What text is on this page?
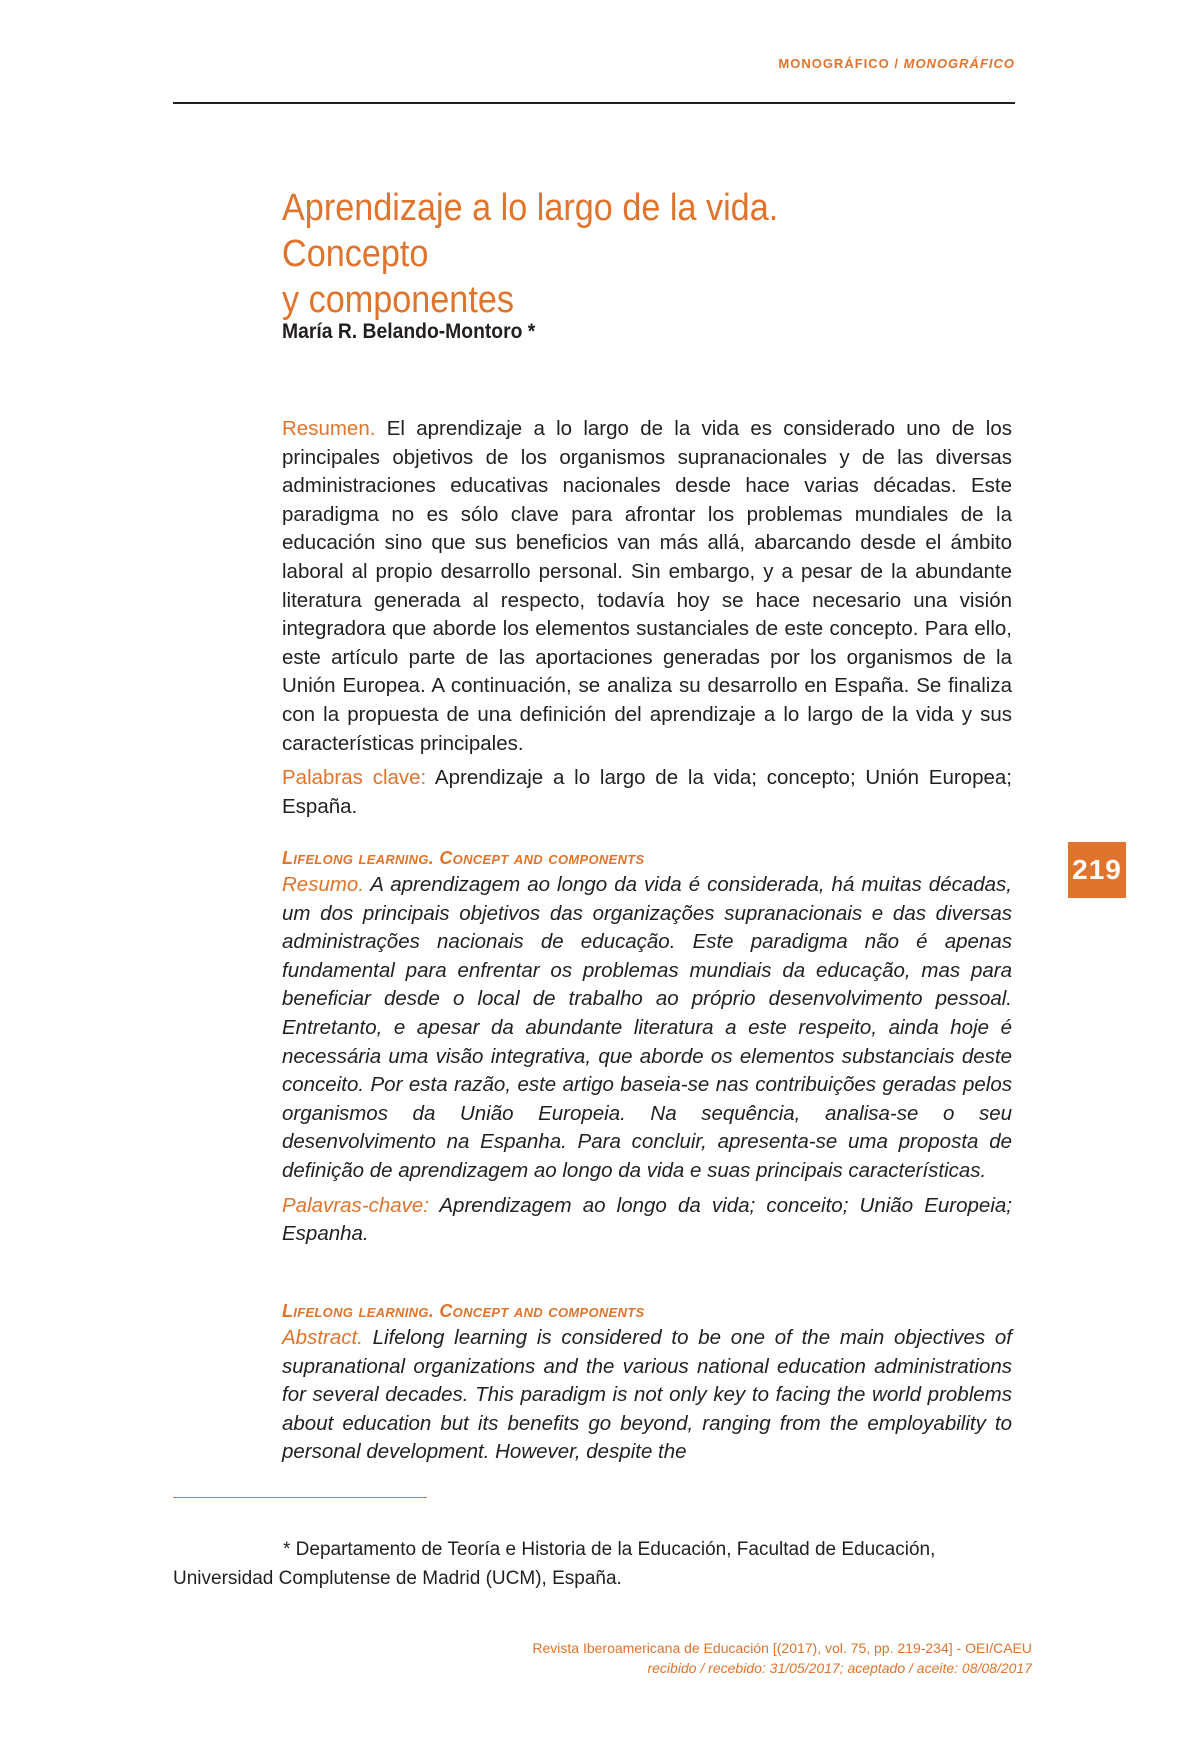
MONOGRÁFICO / MONOGRÁFICO
Aprendizaje a lo largo de la vida. Concepto
y componentes
María R. Belando-Montoro *

Resumen. El aprendizaje a lo largo de la vida es considerado uno de los principales objetivos de los organismos supranacionales y de las diversas administraciones educativas nacionales desde hace varias décadas. Este paradigma no es sólo clave para afrontar los problemas mundiales de la educación sino que sus beneficios van más allá, abarcando desde el ámbito laboral al propio desarrollo personal. Sin embargo, y a pesar de la abundante literatura generada al respecto, todavía hoy se hace necesario una visión integradora que aborde los elementos sustanciales de este concepto. Para ello, este artículo parte de las aportaciones generadas por los organismos de la Unión Europea. A continuación, se analiza su desarrollo en España. Se finaliza con la propuesta de una definición del aprendizaje a lo largo de la vida y sus características principales.

Palabras clave: Aprendizaje a lo largo de la vida; concepto; Unión Europea; España.

Lifelong learning. Concept and components

Resumo. A aprendizagem ao longo da vida é considerada, há muitas décadas, um dos principais objetivos das organizações supranacionais e das diversas administrações nacionais de educação. Este paradigma não é apenas fundamental para enfrentar os problemas mundiais da educação, mas para beneficiar desde o local de trabalho ao próprio desenvolvimento pessoal. Entretanto, e apesar da abundante literatura a este respeito, ainda hoje é necessária uma visão integrativa, que aborde os elementos substanciais deste conceito. Por esta razão, este artigo baseia-se nas contribuições geradas pelos organismos da União Europeia. Na sequência, analisa-se o seu desenvolvimento na Espanha. Para concluir, apresenta-se uma proposta de definição de aprendizagem ao longo da vida e suas principais características.

Palavras-chave: Aprendizagem ao longo da vida; conceito; União Europeia; Espanha.

Lifelong learning. Concept and components

Abstract. Lifelong learning is considered to be one of the main objectives of supranational organizations and the various national education administrations for several decades. This paradigm is not only key to facing the world problems about education but its benefits go beyond, ranging from the employability to personal development. However, despite the

219
* Departamento de Teoría e Historia de la Educación, Facultad de Educación,
Universidad Complutense de Madrid (UCM), España.
Revista Iberoamericana de Educación [(2017), vol. 75, pp. 219-234] - OEI/CAEU
recibido / recebido: 31/05/2017; aceptado / aceite: 08/08/2017
